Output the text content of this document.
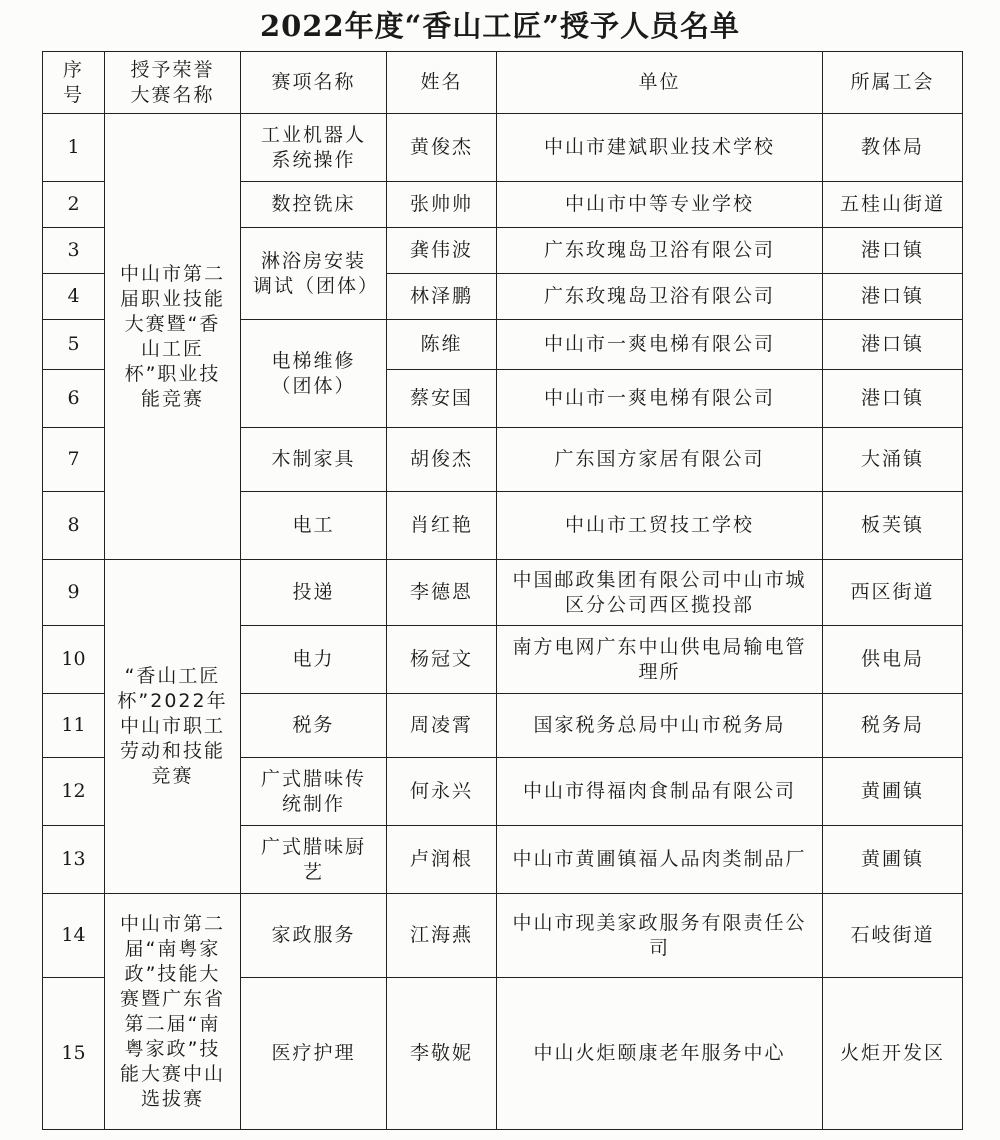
2022年度“香山工匠”授予人员名单
序号	授予荣誉大赛名称	赛项名称	姓名	单位	所属工会
1	中山市第二届职业技能大赛暨“香山工匠杯”职业技能竞赛	工业机器人系统操作	黄俊杰	中山市建斌职业技术学校	教体局
2		数控铣床	张帅帅	中山市中等专业学校	五桂山街道
3		淋浴房安装调试（团体）	龚伟波	广东玫瑰岛卫浴有限公司	港口镇
4			林泽鹏	广东玫瑰岛卫浴有限公司	港口镇
5		电梯维修（团体）	陈维	中山市一爽电梯有限公司	港口镇
6			蔡安国	中山市一爽电梯有限公司	港口镇
7		木制家具	胡俊杰	广东国方家居有限公司	大涌镇
8		电工	肖红艳	中山市工贸技工学校	板芙镇
9	“香山工匠杯”2022年中山市职工劳动和技能竞赛	投递	李德恩	中国邮政集团有限公司中山市城区分公司西区揽投部	西区街道
10		电力	杨冠文	南方电网广东中山供电局输电管理所	供电局
11		税务	周凌霄	国家税务总局中山市税务局	税务局
12		广式腊味传统制作	何永兴	中山市得福肉食制品有限公司	黄圃镇
13		广式腊味厨艺	卢润根	中山市黄圃镇福人品肉类制品厂	黄圃镇
14	中山市第二届“南粤家政”技能大赛暨广东省第二届“南粤家政”技能大赛中山选拔赛	家政服务	江海燕	中山市现美家政服务有限责任公司	石岐街道
15		医疗护理	李敬妮	中山火炬颐康老年服务中心	火炬开发区
